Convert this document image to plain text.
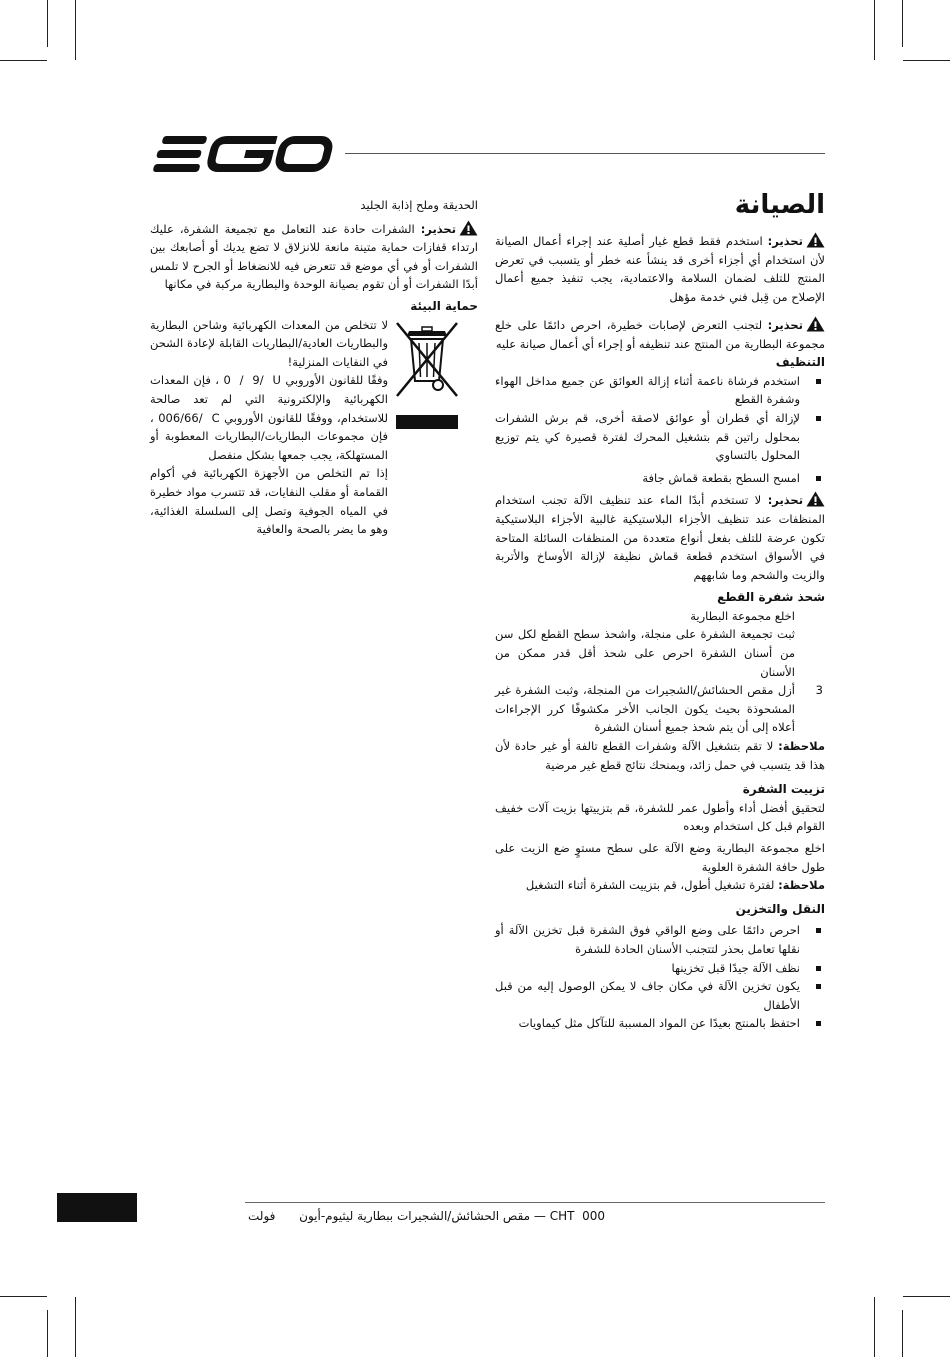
الصيانة

تحذير: استخدم فقط قطع غيار أصلية عند إجراء أعمال الصيانة لأن استخدام أي أجزاء أخرى قد ينشأ عنه خطر أو يتسبب في تعرض المنتج للتلف لضمان السلامة والاعتمادية، يجب تنفيذ جميع أعمال الإصلاح من قِبل فني خدمة مؤهل

تحذير: لتجنب التعرض لإصابات خطيرة، احرص دائمًا على خلع مجموعة البطارية من المنتج عند تنظيفه أو إجراء أي أعمال صيانة عليه

التنظيف
استخدم فرشاة ناعمة أثناء إزالة العوائق عن جميع مداخل الهواء وشفرة القطع
لإزالة أي قطران أو عوائق لاصقة أخرى، قم برش الشفرات بمحلول راتين قم بتشغيل المحرك لفترة قصيرة كي يتم توزيع المحلول بالتساوي
امسح السطح بقطعة قماش جافة

تحذير: لا تستخدم أبدًا الماء عند تنظيف الآلة تجنب استخدام المنظفات عند تنظيف الأجزاء البلاستيكية غالبية الأجزاء البلاستيكية تكون عرضة للتلف بفعل أنواع متعددة من المنظفات السائلة المتاحة في الأسواق استخدم قطعة قماش نظيفة لإزالة الأوساخ والأتربة والزيت والشحم وما شابههم

شحذ شفرة القطع
اخلع مجموعة البطارية
ثبت تجميعة الشفرة على منجلة، واشحذ سطح القطع لكل سن من أسنان الشفرة احرص على شحذ أقل قدر ممكن من الأسنان
3
أزل مقص الحشائش/الشجيرات من المنجلة، وثبت الشفرة غير المشحوذة بحيث يكون الجانب الأخر مكشوفًا كرر الإجراءات أعلاه إلى أن يتم شحذ جميع أسنان الشفرة

ملاحظة: لا تقم بتشغيل الآلة وشفرات القطع تالفة أو غير حادة لأن هذا قد يتسبب في حمل زائد، ويمنحك نتائج قطع غير مرضية

تزييت الشفرة

لتحقيق أفضل أداء وأطول عمر للشفرة، قم بتزييتها بزيت آلات خفيف القوام قبل كل استخدام وبعده

اخلع مجموعة البطارية وضع الآلة على سطح مستوٍ ضع الزيت على طول حافة الشفرة العلوية

ملاحظة: لفترة تشغيل أطول، قم بتزييت الشفرة أثناء التشغيل

النقل والتخزين
احرص دائمًا على وضع الواقي فوق الشفرة قبل تخزين الآلة أو نقلها تعامل بحذر لتتجنب الأسنان الحادة للشفرة
نظف الآلة جيدًا قبل تخزينها
يكون تخزين الآلة في مكان جاف لا يمكن الوصول إليه من قبل الأطفال
احتفظ بالمنتج بعيدًا عن المواد المسببة للتآكل مثل كيماويات

الحديقة وملح إذابة الجليد

تحذير: الشفرات حادة عند التعامل مع تجميعة الشفرة، عليك ارتداء قفازات حماية متينة مانعة للانزلاق لا تضع يديك أو أصابعك بين الشفرات أو في أي موضع قد تتعرض فيه للانضغاط أو الجرح لا تلمس أبدًا الشفرات أو أن تقوم بصيانة الوحدة والبطارية مركبة في مكانها

حماية البيئة

لا تتخلص من المعدات الكهربائية وشاحن البطارية والبطاريات العادية/البطاريات القابلة لإعادة الشحن في النفايات المنزلية!

وفقًا للقانون الأوروبي 0  /  9/  U ، فإن المعدات الكهربائية والإلكترونية التي لم تعد صالحة للاستخدام، ووفقًا للقانون الأوروبي 006/66/  C ، فإن مجموعات البطاريات/البطاريات المعطوبة أو المستهلكة، يجب جمعها بشكل منفصل

إذا تم التخلص من الأجهزة الكهربائية في أكوام القمامة أو مقلب النفايات، قد تتسرب مواد خطيرة في المياه الجوفية وتصل إلى السلسلة الغذائية، وهو ما يضر بالصحة والعافية

CHT  000 — مقص الحشائش/الشجيرات ببطارية ليثيوم-أيون
فولت
